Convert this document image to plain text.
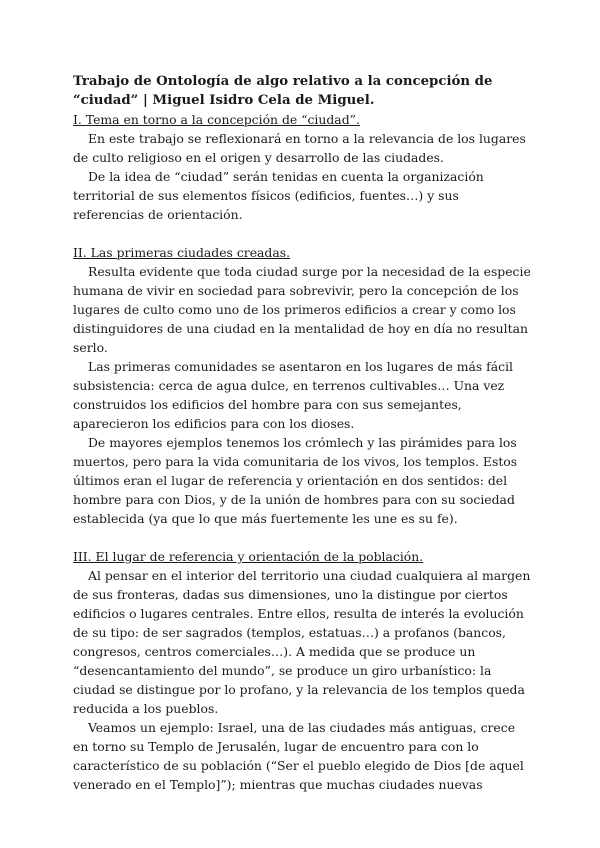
Trabajo de Ontología de algo relativo a la concepción de “ciudad” | Miguel Isidro Cela de Miguel.

I. Tema en torno a la concepción de “ciudad”.

En este trabajo se reflexionará en torno a la relevancia de los lugares de culto religioso en el origen y desarrollo de las ciudades.

De la idea de “ciudad” serán tenidas en cuenta la organización territorial de sus elementos físicos (edificios, fuentes…) y sus referencias de orientación.

II. Las primeras ciudades creadas.

Resulta evidente que toda ciudad surge por la necesidad de la especie humana de vivir en sociedad para sobrevivir, pero la concepción de los lugares de culto como uno de los primeros edificios a crear y como los distinguidores de una ciudad en la mentalidad de hoy en día no resultan serlo.

Las primeras comunidades se asentaron en los lugares de más fácil subsistencia: cerca de agua dulce, en terrenos cultivables… Una vez construidos los edificios del hombre para con sus semejantes, aparecieron los edificios para con los dioses.

De mayores ejemplos tenemos los crómlech y las pirámides para los muertos, pero para la vida comunitaria de los vivos, los templos. Estos últimos eran el lugar de referencia y orientación en dos sentidos: del hombre para con Dios, y de la unión de hombres para con su sociedad establecida (ya que lo que más fuertemente les une es su fe).

III. El lugar de referencia y orientación de la población.

Al pensar en el interior del territorio una ciudad cualquiera al margen de sus fronteras, dadas sus dimensiones, uno la distingue por ciertos edificios o lugares centrales. Entre ellos, resulta de interés la evolución de su tipo: de ser sagrados (templos, estatuas…) a profanos (bancos, congresos, centros comerciales…). A medida que se produce un “desencantamiento del mundo”, se produce un giro urbanístico: la ciudad se distingue por lo profano, y la relevancia de los templos queda reducida a los pueblos.

Veamos un ejemplo: Israel, una de las ciudades más antiguas, crece en torno su Templo de Jerusalén, lugar de encuentro para con lo característico de su población (“Ser el pueblo elegido de Dios [de aquel venerado en el Templo]”); mientras que muchas ciudades nuevas
